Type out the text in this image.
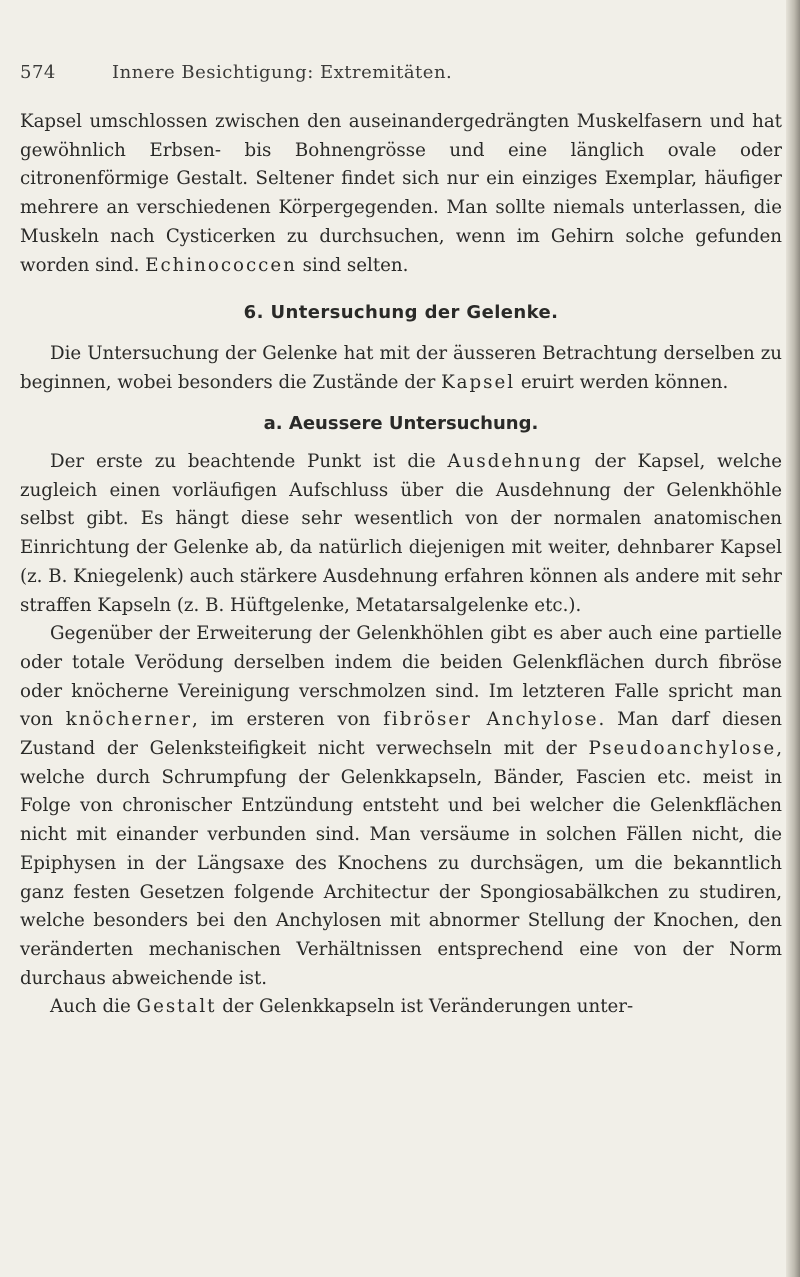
574	Innere Besichtigung: Extremitäten.

Kapsel umschlossen zwischen den auseinandergedrängten Muskelfasern und hat gewöhnlich Erbsen- bis Bohnengrösse und eine länglich ovale oder citronenförmige Gestalt. Seltener findet sich nur ein einziges Exemplar, häufiger mehrere an verschiedenen Körpergegenden. Man sollte niemals unterlassen, die Muskeln nach Cysticerken zu durchsuchen, wenn im Gehirn solche gefunden worden sind. Echinococcen sind selten.

6. Untersuchung der Gelenke.

Die Untersuchung der Gelenke hat mit der äusseren Betrachtung derselben zu beginnen, wobei besonders die Zustände der Kapsel eruirt werden können.

a. Aeussere Untersuchung.

Der erste zu beachtende Punkt ist die Ausdehnung der Kapsel, welche zugleich einen vorläufigen Aufschluss über die Ausdehnung der Gelenkhöhle selbst gibt. Es hängt diese sehr wesentlich von der normalen anatomischen Einrichtung der Gelenke ab, da natürlich diejenigen mit weiter, dehnbarer Kapsel (z. B. Kniegelenk) auch stärkere Ausdehnung erfahren können als andere mit sehr straffen Kapseln (z. B. Hüftgelenke, Metatarsalgelenke etc.).

Gegenüber der Erweiterung der Gelenkhöhlen gibt es aber auch eine partielle oder totale Verödung derselben indem die beiden Gelenkflächen durch fibröse oder knöcherne Vereinigung verschmolzen sind. Im letzteren Falle spricht man von knöcherner, im ersteren von fibröser Anchylose. Man darf diesen Zustand der Gelenksteifigkeit nicht verwechseln mit der Pseudoanchylose, welche durch Schrumpfung der Gelenkkapseln, Bänder, Fascien etc. meist in Folge von chronischer Entzündung entsteht und bei welcher die Gelenkflächen nicht mit einander verbunden sind. Man versäume in solchen Fällen nicht, die Epiphysen in der Längsaxe des Knochens zu durchsägen, um die bekanntlich ganz festen Gesetzen folgende Architectur der Spongiosabälkchen zu studiren, welche besonders bei den Anchylosen mit abnormer Stellung der Knochen, den veränderten mechanischen Verhältnissen entsprechend eine von der Norm durchaus abweichende ist.

Auch die Gestalt der Gelenkkapseln ist Veränderungen unter-
